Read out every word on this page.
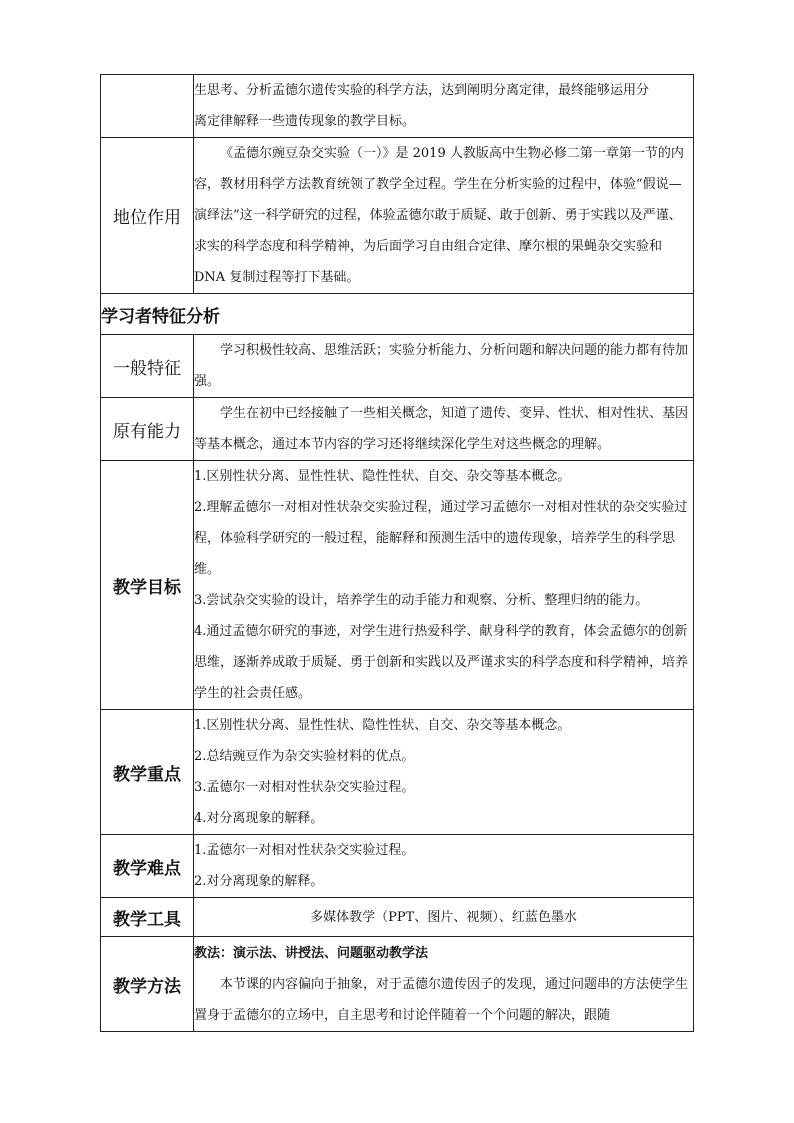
	生思考、分析孟德尔遗传实验的科学方法，达到阐明分离定律，最终能够运用分

离定律解释一些遗传现象的教学目标。

地位作用	《孟德尔豌豆杂交实验（一）》是 2019 人教版高中生物必修二第一章第一节的内容，教材用科学方法教育统领了教学全过程。学生在分析实验的过程中，体验“假说—演绎法”这一科学研究的过程，体验孟德尔敢于质疑、敢于创新、勇于实践以及严谨、求实的科学态度和科学精神，为后面学习自由组合定律、摩尔根的果蝇杂交实验和 DNA 复制过程等打下基础。

学习者特征分析	
一般特征	学习积极性较高、思维活跃；实验分析能力、分析问题和解决问题的能力都有待加强。

原有能力	学生在初中已经接触了一些相关概念，知道了遗传、变异、性状、相对性状、基因等基本概念，通过本节内容的学习还将继续深化学生对这些概念的理解。

教学目标	1.区别性状分离、显性性状、隐性性状、自交、杂交等基本概念。

2.理解孟德尔一对相对性状杂交实验过程，通过学习孟德尔一对相对性状的杂交实验过程，体验科学研究的一般过程，能解释和预测生活中的遗传现象，培养学生的科学思维。

3.尝试杂交实验的设计，培养学生的动手能力和观察、分析、整理归纳的能力。

4.通过孟德尔研究的事迹，对学生进行热爱科学、献身科学的教育，体会孟德尔的创新思维，逐渐养成敢于质疑、勇于创新和实践以及严谨求实的科学态度和科学精神，培养学生的社会责任感。

教学重点	1.区别性状分离、显性性状、隐性性状、自交、杂交等基本概念。

2.总结豌豆作为杂交实验材料的优点。

3.孟德尔一对相对性状杂交实验过程。

4.对分离现象的解释。

教学难点	1.孟德尔一对相对性状杂交实验过程。

2.对分离现象的解释。

教学工具	多媒体教学（PPT、图片、视频）、红蓝色墨水
教学方法	教法：演示法、讲授法、问题驱动教学法

本节课的内容偏向于抽象，对于孟德尔遗传因子的发现，通过问题串的方法使学生置身于孟德尔的立场中，自主思考和讨论伴随着一个个问题的解决，跟随
